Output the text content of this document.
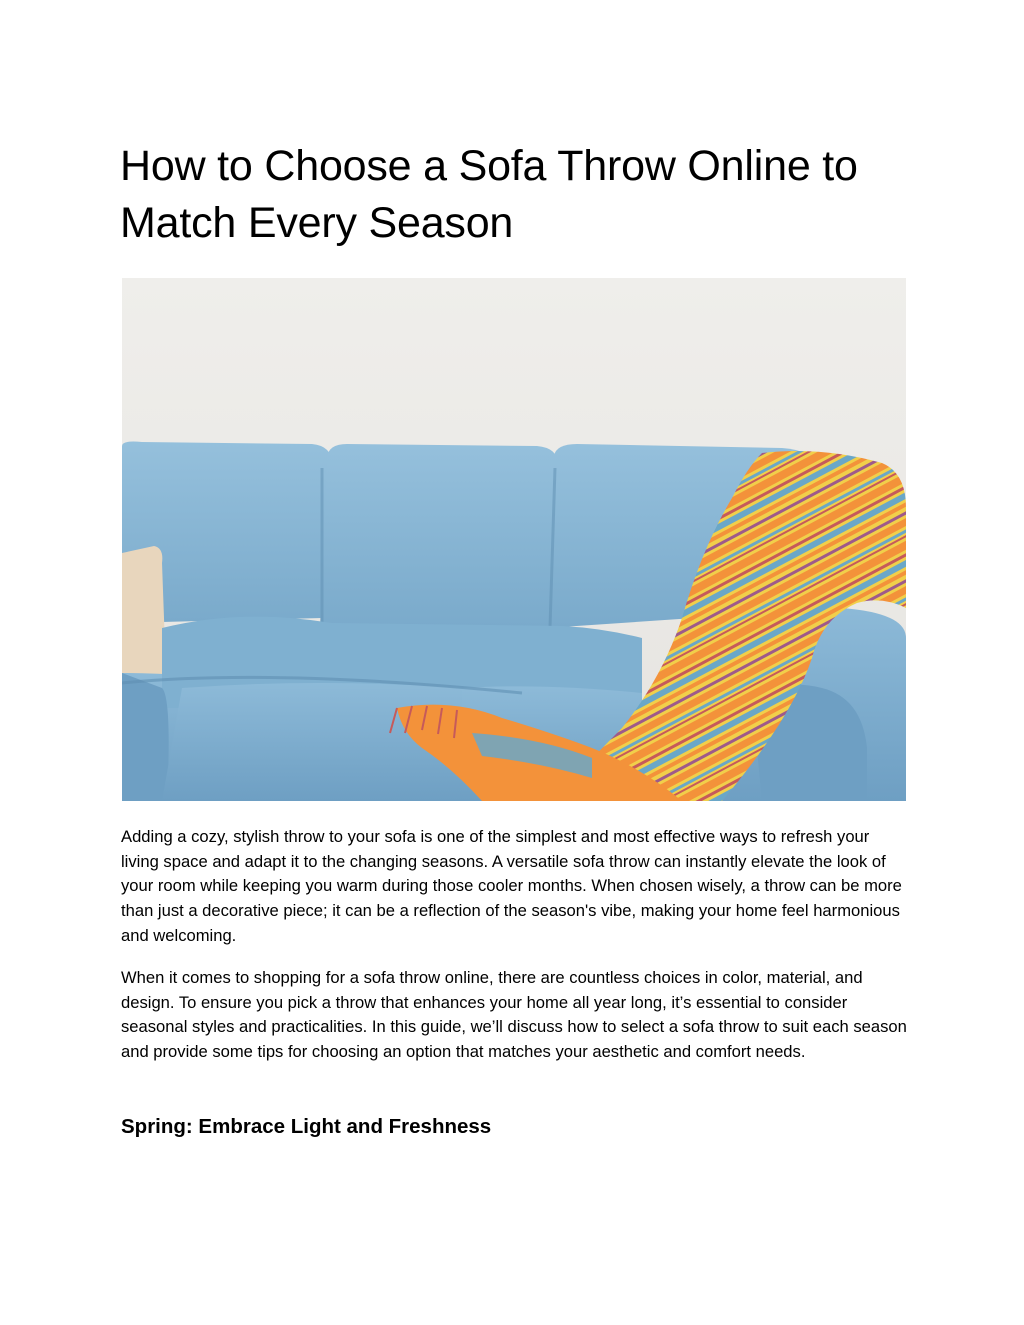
How to Choose a Sofa Throw Online to Match Every Season

Adding a cozy, stylish throw to your sofa is one of the simplest and most effective ways to refresh your living space and adapt it to the changing seasons. A versatile sofa throw can instantly elevate the look of your room while keeping you warm during those cooler months. When chosen wisely, a throw can be more than just a decorative piece; it can be a reflection of the season's vibe, making your home feel harmonious and welcoming.

When it comes to shopping for a sofa throw online, there are countless choices in color, material, and design. To ensure you pick a throw that enhances your home all year long, it’s essential to consider seasonal styles and practicalities. In this guide, we’ll discuss how to select a sofa throw to suit each season and provide some tips for choosing an option that matches your aesthetic and comfort needs.

Spring: Embrace Light and Freshness
